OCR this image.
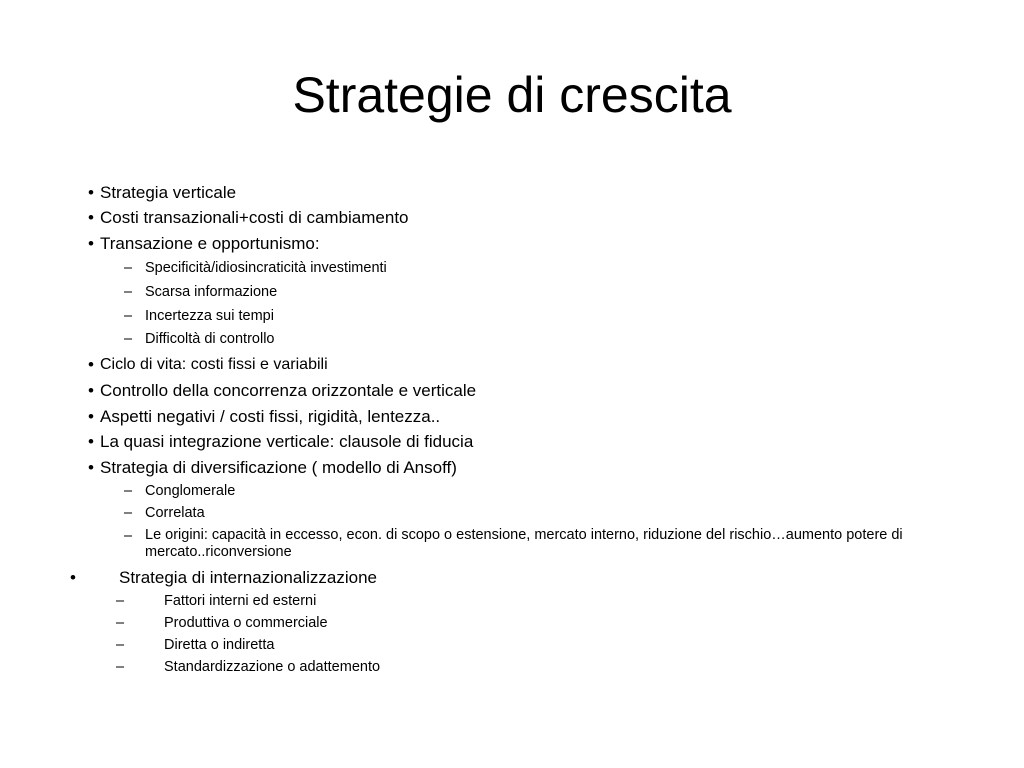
Strategie di crescita
• Strategia verticale
• Costi transazionali+costi di cambiamento
• Transazione e opportunismo:
– Specificità/idiosincraticità investimenti
– Scarsa informazione
– Incertezza sui tempi
– Difficoltà di controllo
• Ciclo di vita: costi fissi e variabili
• Controllo della concorrenza orizzontale e verticale
• Aspetti negativi / costi fissi, rigidità, lentezza..
• La quasi integrazione verticale: clausole di fiducia
• Strategia di diversificazione ( modello di Ansoff)
– Conglomerale
– Correlata
– Le origini: capacità in eccesso, econ. di scopo o estensione, mercato interno, riduzione del rischio…aumento potere di mercato..riconversione
•	Strategia di internazionalizzazione
–	Fattori interni ed esterni
–	Produttiva o commerciale
–	Diretta o indiretta
–	Standardizzazione o adattemento
